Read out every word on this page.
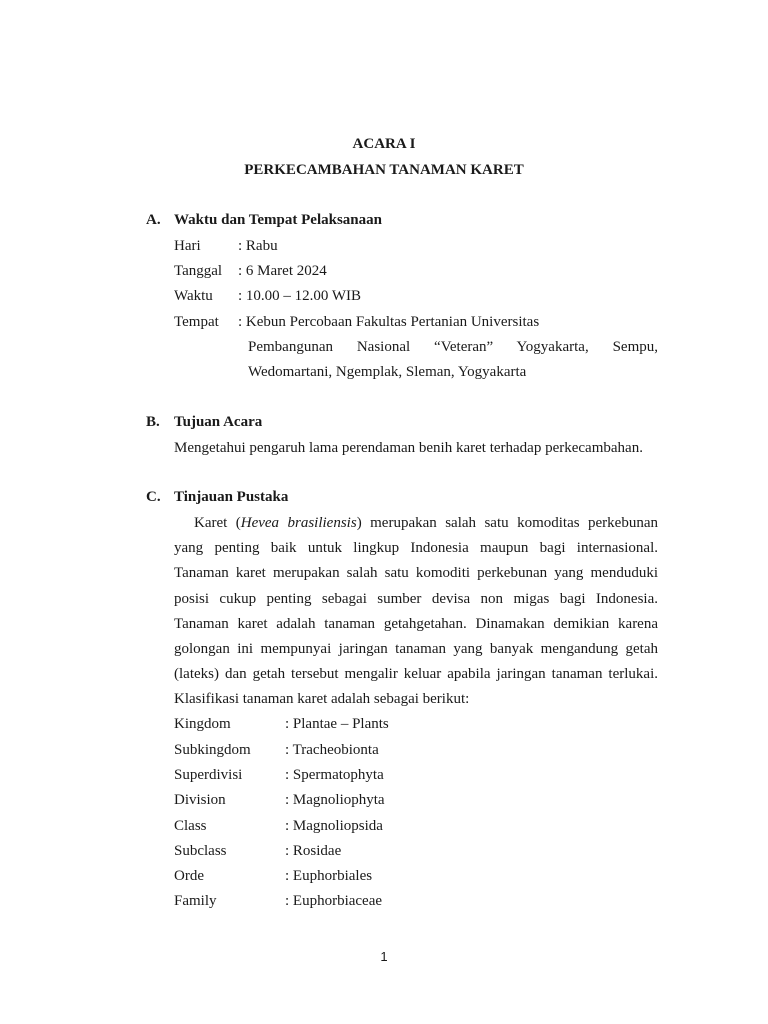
ACARA I
PERKECAMBAHAN TANAMAN KARET
A. Waktu dan Tempat Pelaksanaan
Hari : Rabu
Tanggal : 6 Maret 2024
Waktu : 10.00 – 12.00 WIB
Tempat : Kebun Percobaan Fakultas Pertanian Universitas
Pembangunan Nasional “Veteran” Yogyakarta, Sempu,
Wedomartani, Ngemplak, Sleman, Yogyakarta
B. Tujuan Acara
Mengetahui pengaruh lama perendaman benih karet terhadap perkecambahan.
C. Tinjauan Pustaka
Karet (Hevea brasiliensis) merupakan salah satu komoditas perkebunan
yang penting baik untuk lingkup Indonesia maupun bagi internasional.
Tanaman karet merupakan salah satu komoditi perkebunan yang menduduki
posisi cukup penting sebagai sumber devisa non migas bagi Indonesia.
Tanaman karet adalah tanaman getahgetahan. Dinamakan demikian karena
golongan ini mempunyai jaringan tanaman yang banyak mengandung getah
(lateks) dan getah tersebut mengalir keluar apabila jaringan tanaman terlukai.
Klasifikasi tanaman karet adalah sebagai berikut:
Kingdom	: Plantae – Plants
Subkingdom : Tracheobionta
Superdivisi	: Spermatophyta
Division	: Magnoliophyta
Class	: Magnoliopsida
Subclass	: Rosidae
Orde	: Euphorbiales
Family	: Euphorbiaceae
1
